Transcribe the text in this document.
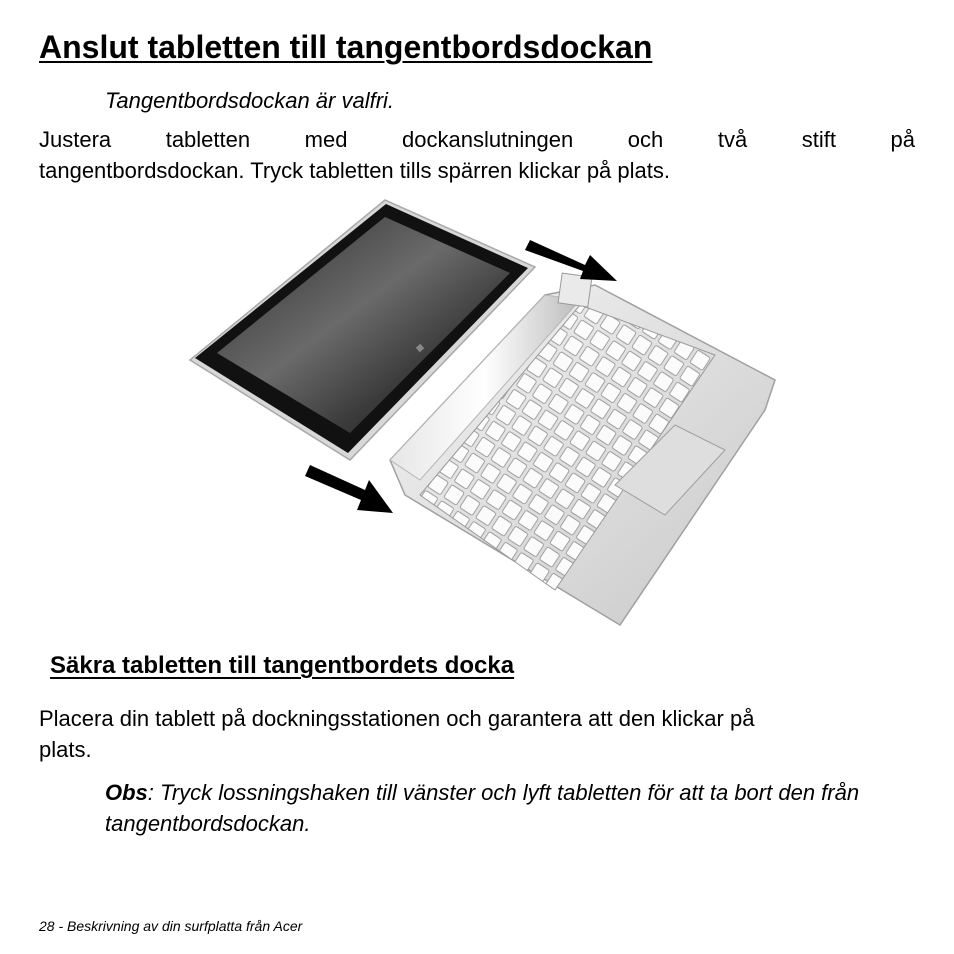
Anslut tabletten till tangentbordsdockan
Tangentbordsdockan är valfri.
Justera tabletten med dockanslutningen och två stift på
tangentbordsdockan. Tryck tabletten tills spärren klickar på plats.
Säkra tabletten till tangentbordets docka
Placera din tablett på dockningsstationen och garantera att den klickar på
plats.

Obs: Tryck lossningshaken till vänster och lyft tabletten för att ta bort den från tangentbordsdockan.

28 - Beskrivning av din surfplatta från Acer
